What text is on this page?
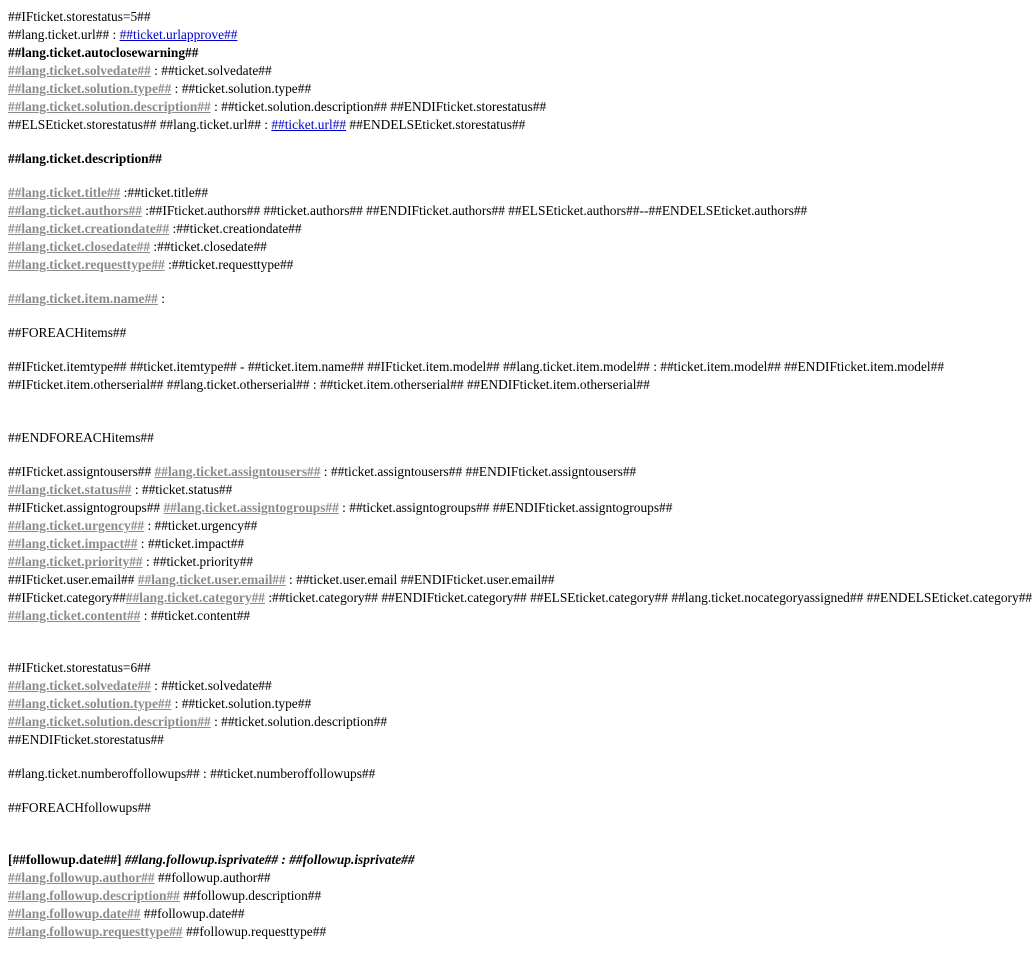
##IFticket.storestatus=5##
##lang.ticket.url## : ##ticket.urlapprove##
##lang.ticket.autoclosewarning##
##lang.ticket.solvedate## : ##ticket.solvedate##
##lang.ticket.solution.type## : ##ticket.solution.type##
##lang.ticket.solution.description## : ##ticket.solution.description## ##ENDIFticket.storestatus##
##ELSEticket.storestatus## ##lang.ticket.url## : ##ticket.url## ##ENDELSEticket.storestatus##
##lang.ticket.description##
##lang.ticket.title## :##ticket.title##
##lang.ticket.authors## :##IFticket.authors## ##ticket.authors## ##ENDIFticket.authors## ##ELSEticket.authors##--##ENDELSEticket.authors##
##lang.ticket.creationdate## :##ticket.creationdate##
##lang.ticket.closedate## :##ticket.closedate##
##lang.ticket.requesttype## :##ticket.requesttype##
##lang.ticket.item.name## :
##FOREACHitems##
##IFticket.itemtype## ##ticket.itemtype## - ##ticket.item.name## ##IFticket.item.model## ##lang.ticket.item.model## : ##ticket.item.model## ##ENDIFticket.item.model##
##IFticket.item.otherserial## ##lang.ticket.otherserial## : ##ticket.item.otherserial## ##ENDIFticket.item.otherserial##
##ENDFOREACHitems##
##IFticket.assigntousers## ##lang.ticket.assigntousers## : ##ticket.assigntousers## ##ENDIFticket.assigntousers##
##lang.ticket.status## : ##ticket.status##
##IFticket.assigntogroups## ##lang.ticket.assigntogroups## : ##ticket.assigntogroups## ##ENDIFticket.assigntogroups##
##lang.ticket.urgency## : ##ticket.urgency##
##lang.ticket.impact## : ##ticket.impact##
##lang.ticket.priority## : ##ticket.priority##
##IFticket.user.email## ##lang.ticket.user.email## : ##ticket.user.email ##ENDIFticket.user.email##
##IFticket.category####lang.ticket.category## :##ticket.category## ##ENDIFticket.category## ##ELSEticket.category## ##lang.ticket.nocategoryassigned## ##ENDELSEticket.category##
##lang.ticket.content## : ##ticket.content##
##IFticket.storestatus=6##
##lang.ticket.solvedate## : ##ticket.solvedate##
##lang.ticket.solution.type## : ##ticket.solution.type##
##lang.ticket.solution.description## : ##ticket.solution.description##
##ENDIFticket.storestatus##
##lang.ticket.numberoffollowups## : ##ticket.numberoffollowups##
##FOREACHfollowups##
[##followup.date##] ##lang.followup.isprivate## : ##followup.isprivate##
##lang.followup.author## ##followup.author##
##lang.followup.description## ##followup.description##
##lang.followup.date## ##followup.date##
##lang.followup.requesttype## ##followup.requesttype##
